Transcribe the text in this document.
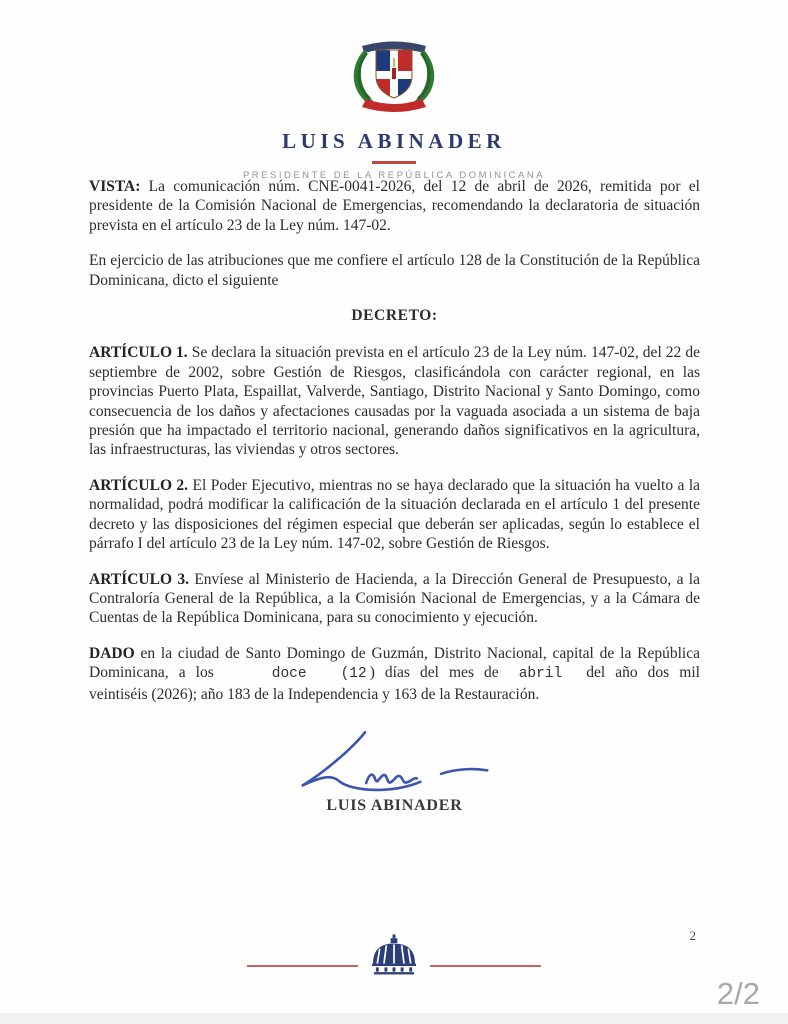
LUIS ABINADER
PRESIDENTE DE LA REPÚBLICA DOMINICANA

VISTA: La comunicación núm. CNE-0041-2026, del 12 de abril de 2026, remitida por el presidente de la Comisión Nacional de Emergencias, recomendando la declaratoria de situación prevista en el artículo 23 de la Ley núm. 147-02.

En ejercicio de las atribuciones que me confiere el artículo 128 de la Constitución de la República Dominicana, dicto el siguiente

DECRETO:

ARTÍCULO 1. Se declara la situación prevista en el artículo 23 de la Ley núm. 147-02, del 22 de septiembre de 2002, sobre Gestión de Riesgos, clasificándola con carácter regional, en las provincias Puerto Plata, Espaillat, Valverde, Santiago, Distrito Nacional y Santo Domingo, como consecuencia de los daños y afectaciones causadas por la vaguada asociada a un sistema de baja presión que ha impactado el territorio nacional, generando daños significativos en la agricultura, las infraestructuras, las viviendas y otros sectores.

ARTÍCULO 2. El Poder Ejecutivo, mientras no se haya declarado que la situación ha vuelto a la normalidad, podrá modificar la calificación de la situación declarada en el artículo 1 del presente decreto y las disposiciones del régimen especial que deberán ser aplicadas, según lo establece el párrafo I del artículo 23 de la Ley núm. 147-02, sobre Gestión de Riesgos.

ARTÍCULO 3. Envíese al Ministerio de Hacienda, a la Dirección General de Presupuesto, a la Contraloría General de la República, a la Comisión Nacional de Emergencias, y a la Cámara de Cuentas de la República Dominicana, para su conocimiento y ejecución.

DADO en la ciudad de Santo Domingo de Guzmán, Distrito Nacional, capital de la República Dominicana, a los	doce (12 ) días del mes de abril del año dos mil veintiséis (2026); año 183 de la Independencia y 163 de la Restauración.

LUIS ABINADER
2
2/2
